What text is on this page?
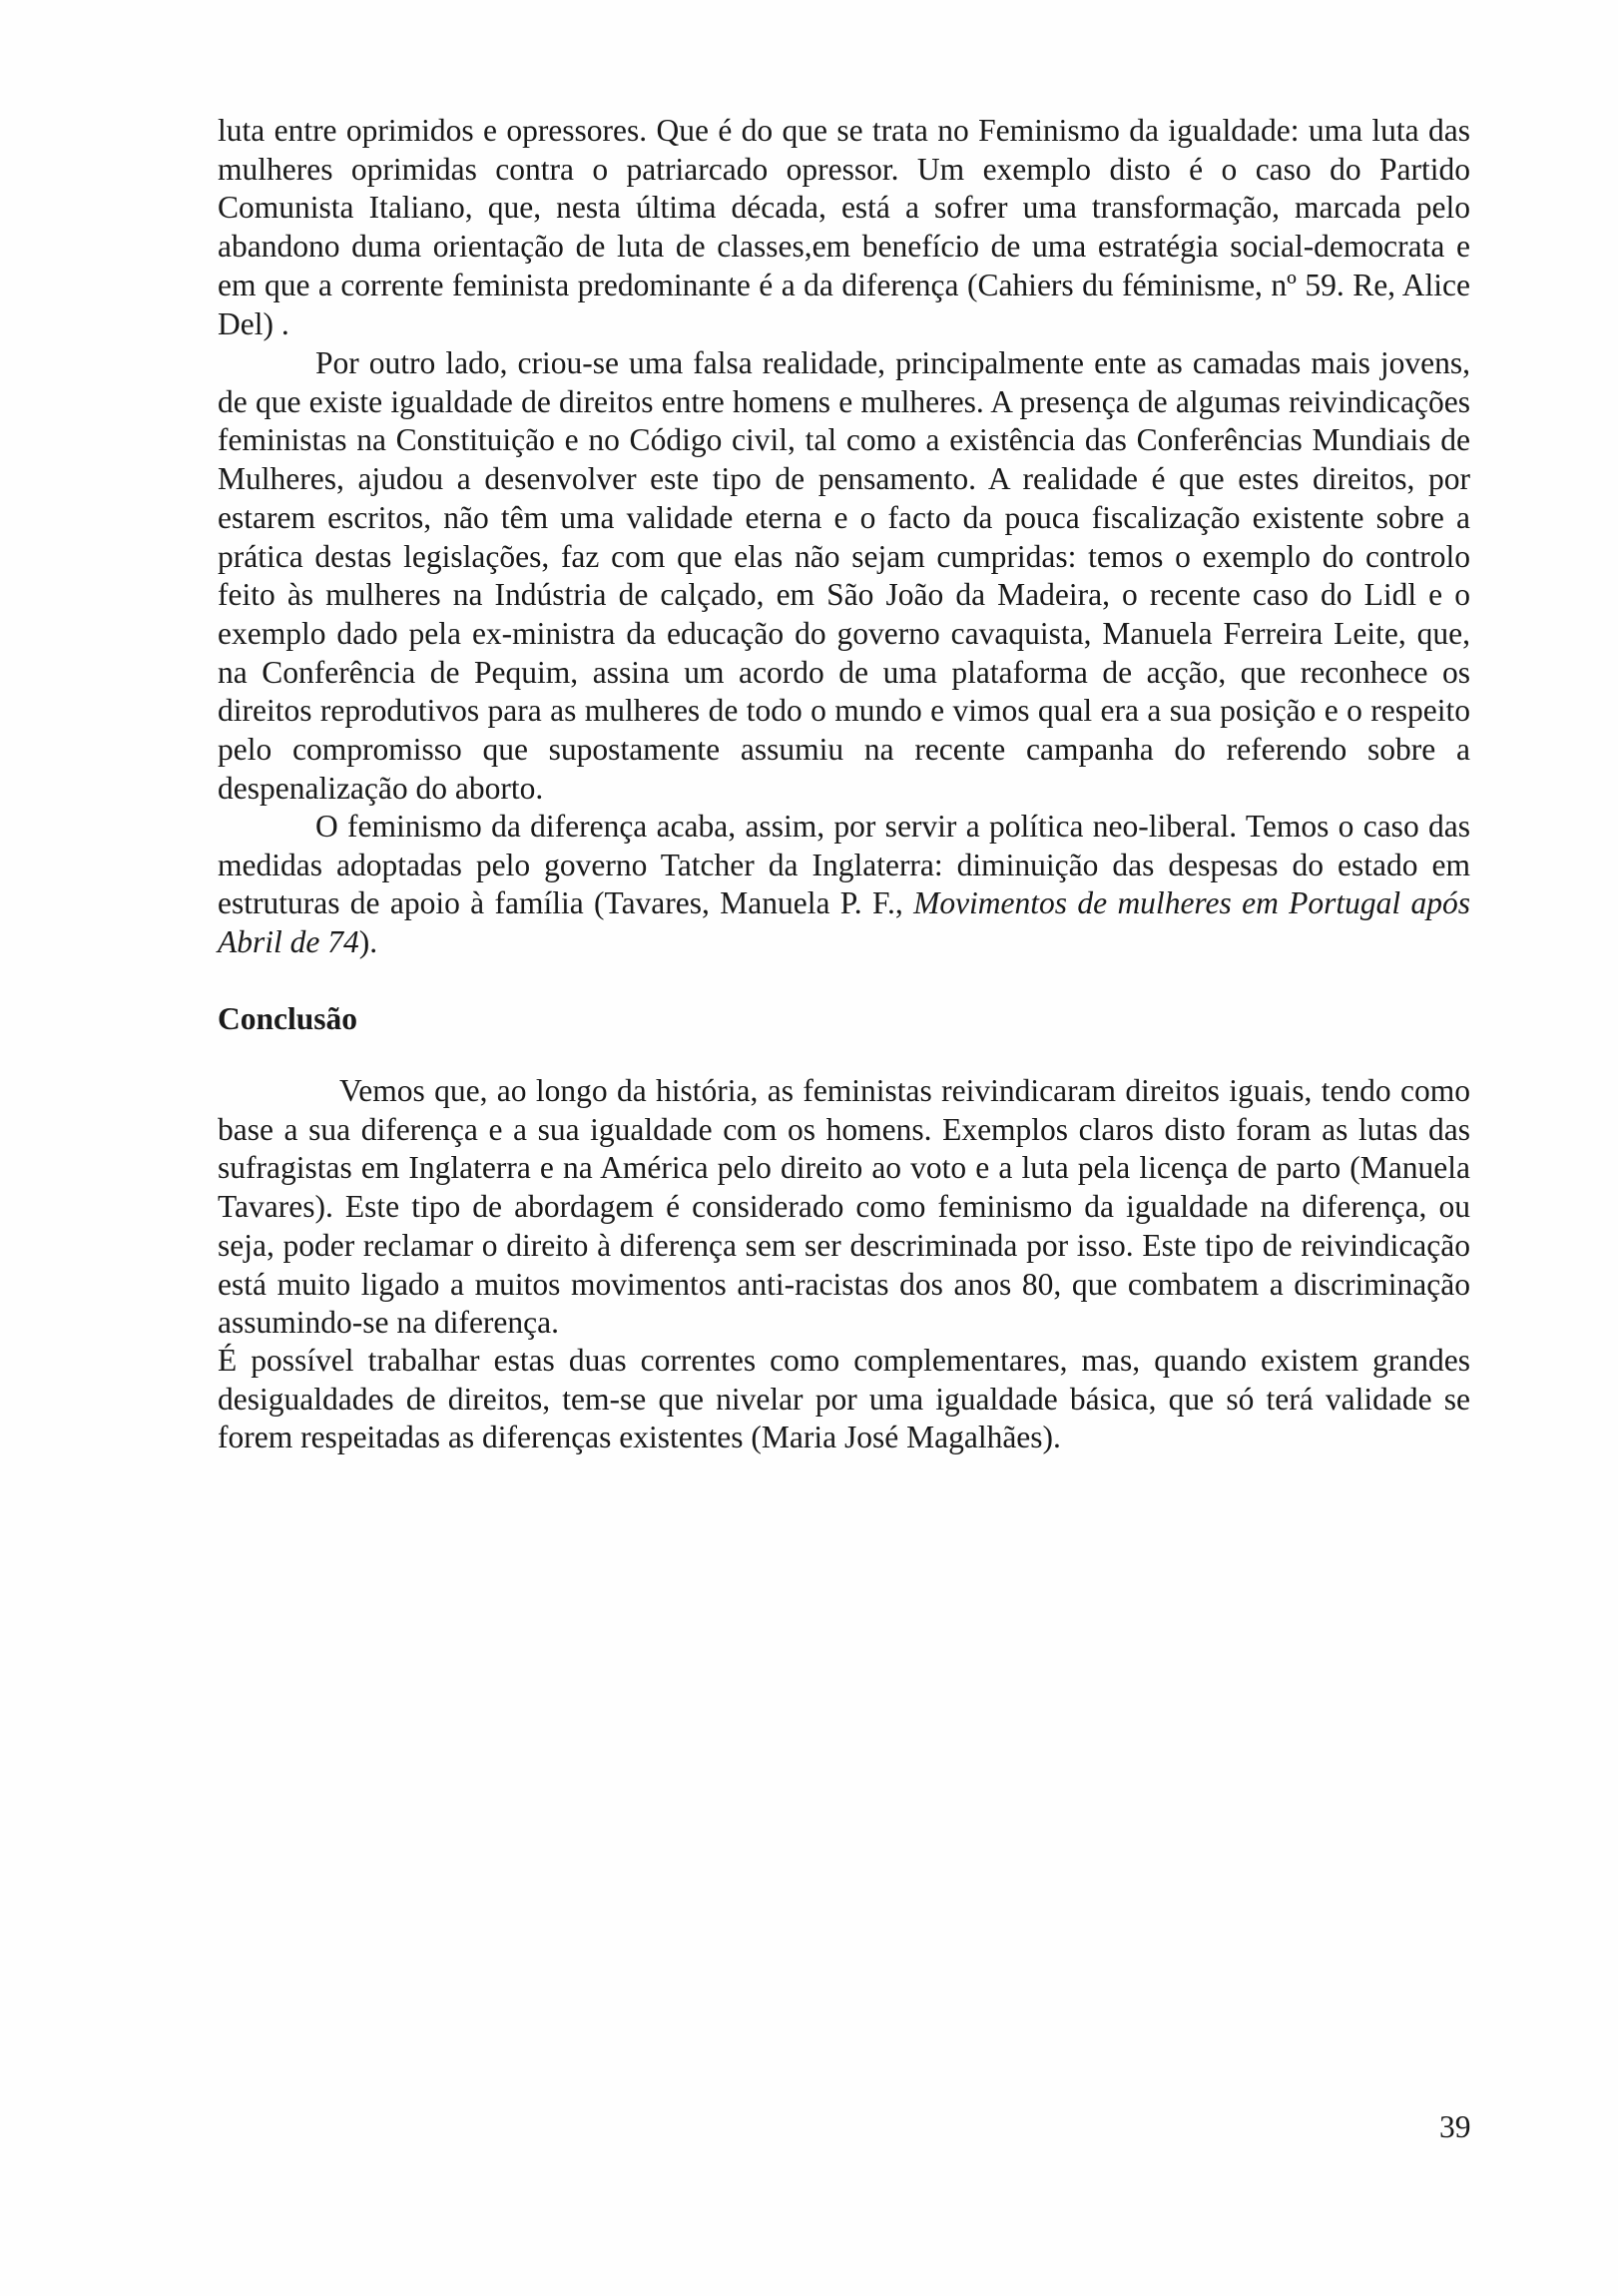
luta entre oprimidos e opressores. Que é do que se trata no Feminismo da igualdade: uma luta das mulheres oprimidas contra o patriarcado opressor. Um exemplo disto é o caso do Partido Comunista Italiano, que, nesta última década, está a sofrer uma transformação, marcada pelo abandono duma orientação de luta de classes,em benefício de uma estratégia social-democrata e em que a corrente feminista predominante é a da diferença (Cahiers du féminisme, nº 59. Re, Alice Del) .

Por outro lado, criou-se uma falsa realidade, principalmente ente as camadas mais jovens, de que existe igualdade de direitos entre homens e mulheres. A presença de algumas reivindicações feministas na Constituição e no Código civil, tal como a existência das Conferências Mundiais de Mulheres, ajudou a desenvolver este tipo de pensamento. A realidade é que estes direitos, por estarem escritos, não têm uma validade eterna e o facto da pouca fiscalização existente sobre a prática destas legislações, faz com que elas não sejam cumpridas: temos o exemplo do controlo feito às mulheres na Indústria de calçado, em São João da Madeira, o recente caso do Lidl e o exemplo dado pela ex-ministra da educação do governo cavaquista, Manuela Ferreira Leite, que, na Conferência de Pequim, assina um acordo de uma plataforma de acção, que reconhece os direitos reprodutivos para as mulheres de todo o mundo e vimos qual era a sua posição e o respeito pelo compromisso que supostamente assumiu na recente campanha do referendo sobre a despenalização do aborto.

O feminismo da diferença acaba, assim, por servir a política neo-liberal. Temos o caso das medidas adoptadas pelo governo Tatcher da Inglaterra: diminuição das despesas do estado em estruturas de apoio à família (Tavares, Manuela P. F., Movimentos de mulheres em Portugal após Abril de 74).

Conclusão

Vemos que, ao longo da história, as feministas reivindicaram direitos iguais, tendo como base a sua diferença e a sua igualdade com os homens. Exemplos claros disto foram as lutas das sufragistas em Inglaterra e na América pelo direito ao voto e a luta pela licença de parto (Manuela Tavares). Este tipo de abordagem é considerado como feminismo da igualdade na diferença, ou seja, poder reclamar o direito à diferença sem ser descriminada por isso. Este tipo de reivindicação está muito ligado a muitos movimentos anti-racistas dos anos 80, que combatem a discriminação assumindo-se na diferença.

É possível trabalhar estas duas correntes como complementares, mas, quando existem grandes desigualdades de direitos, tem-se que nivelar por uma igualdade básica, que só terá validade se forem respeitadas as diferenças existentes (Maria José Magalhães).

39
